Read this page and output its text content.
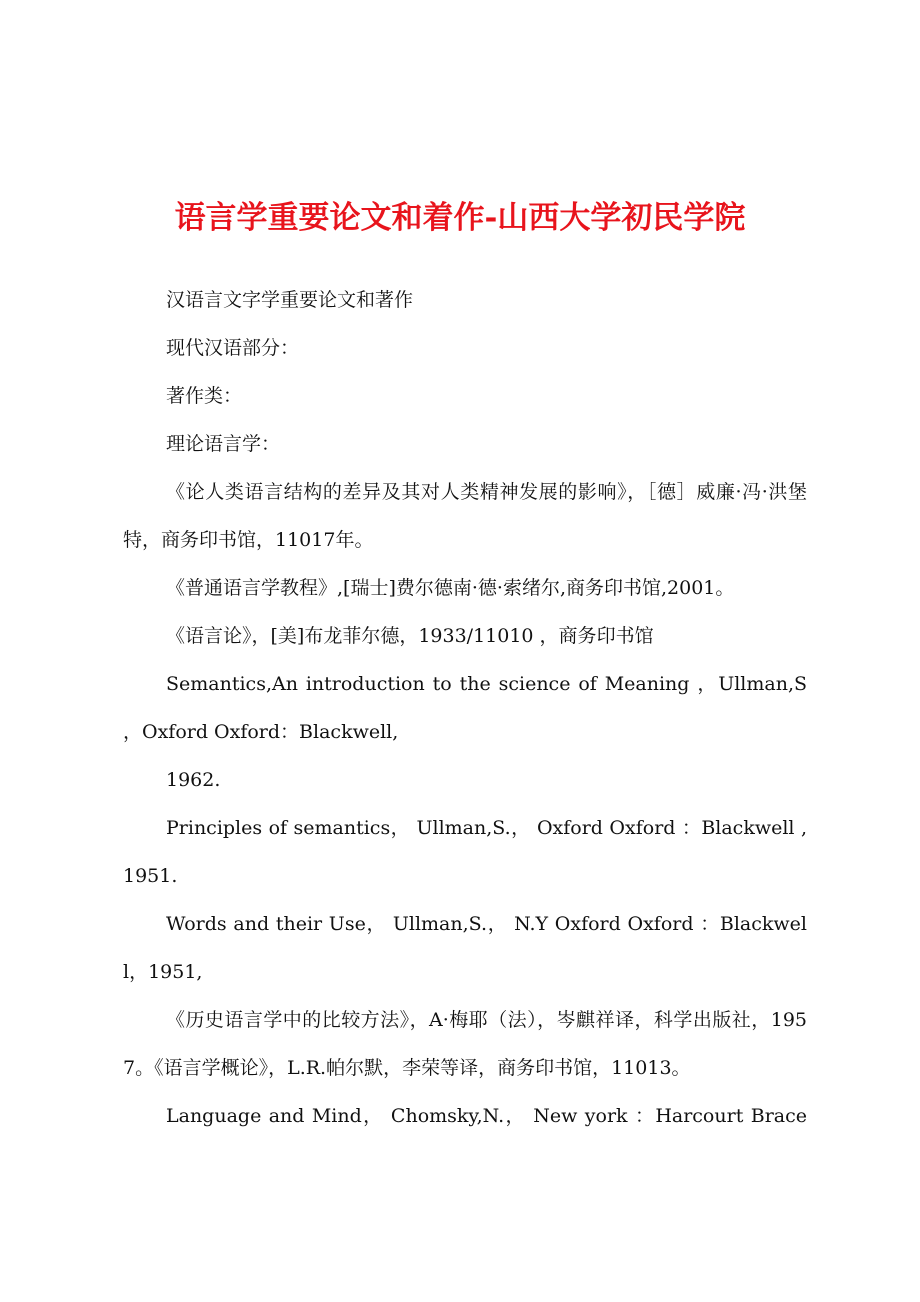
语言学重要论文和着作-山西大学初民学院

汉语言文字学重要论文和著作

现代汉语部分：

著作类：

理论语言学：

《论人类语言结构的差异及其对人类精神发展的影响》，［德］威廉·冯·洪堡特，商务印书馆，11017年。

《普通语言学教程》,[瑞士]费尔德南·德·索绪尔,商务印书馆,2001。

《语言论》，[美]布龙菲尔德，1933/11010 ，商务印书馆

Semantics,An introduction to the science of Meaning ，Ullman,S ，Oxford Oxford：Blackwell,

1962.

Principles of semantics， Ullman,S.， Oxford Oxford ：Blackwell ,1951.

Words and their Use， Ullman,S.， N.Y Oxford Oxford ：Blackwell，1951,

《历史语言学中的比较方法》，A·梅耶（法），岑麒祥译，科学出版社，1957。《语言学概论》，L.R.帕尔默，李荣等译，商务印书馆，11013。

Language and Mind， Chomsky,N.， New york ：Harcourt Brace
